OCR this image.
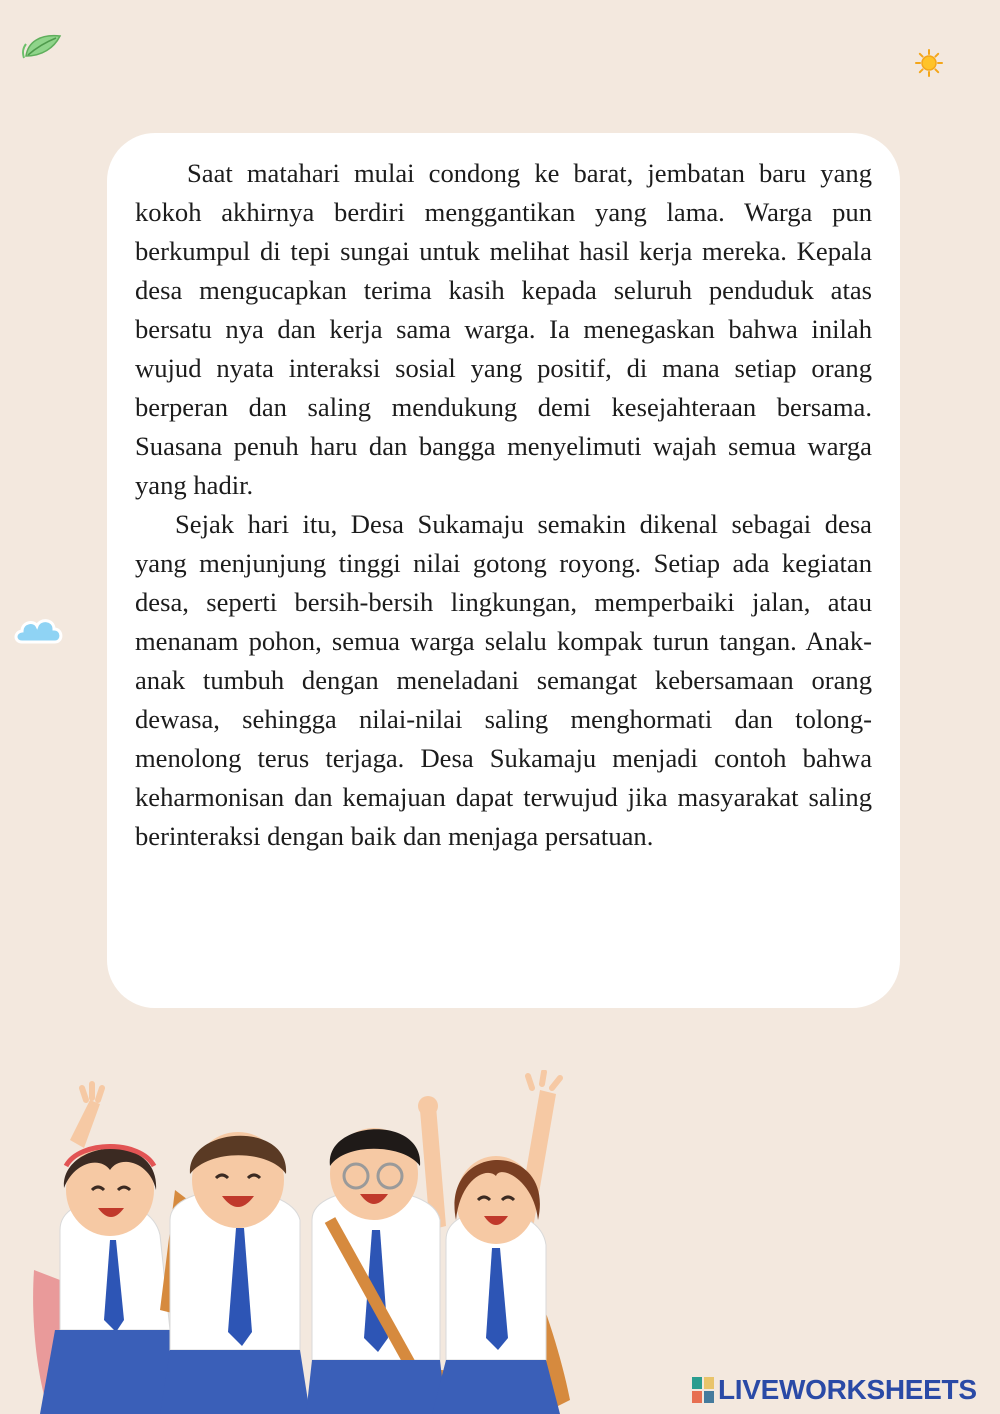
Saat matahari mulai condong ke barat, jembatan baru yang kokoh akhirnya berdiri menggantikan yang lama. Warga pun berkumpul di tepi sungai untuk melihat hasil kerja mereka. Kepala desa mengucapkan terima kasih kepada seluruh penduduk atas bersatu nya dan kerja sama warga. Ia menegaskan bahwa inilah wujud nyata interaksi sosial yang positif, di mana setiap orang berperan dan saling mendukung demi kesejahteraan bersama. Suasana penuh haru dan bangga menyelimuti wajah semua warga yang hadir.

Sejak hari itu, Desa Sukamaju semakin dikenal sebagai desa yang menjunjung tinggi nilai gotong royong. Setiap ada kegiatan desa, seperti bersih-bersih lingkungan, memperbaiki jalan, atau menanam pohon, semua warga selalu kompak turun tangan. Anak-anak tumbuh dengan meneladani semangat kebersamaan orang dewasa, sehingga nilai-nilai saling menghormati dan tolong-menolong terus terjaga. Desa Sukamaju menjadi contoh bahwa keharmonisan dan kemajuan dapat terwujud jika masyarakat saling berinteraksi dengan baik dan menjaga persatuan.

LIVEWORKSHEETS
